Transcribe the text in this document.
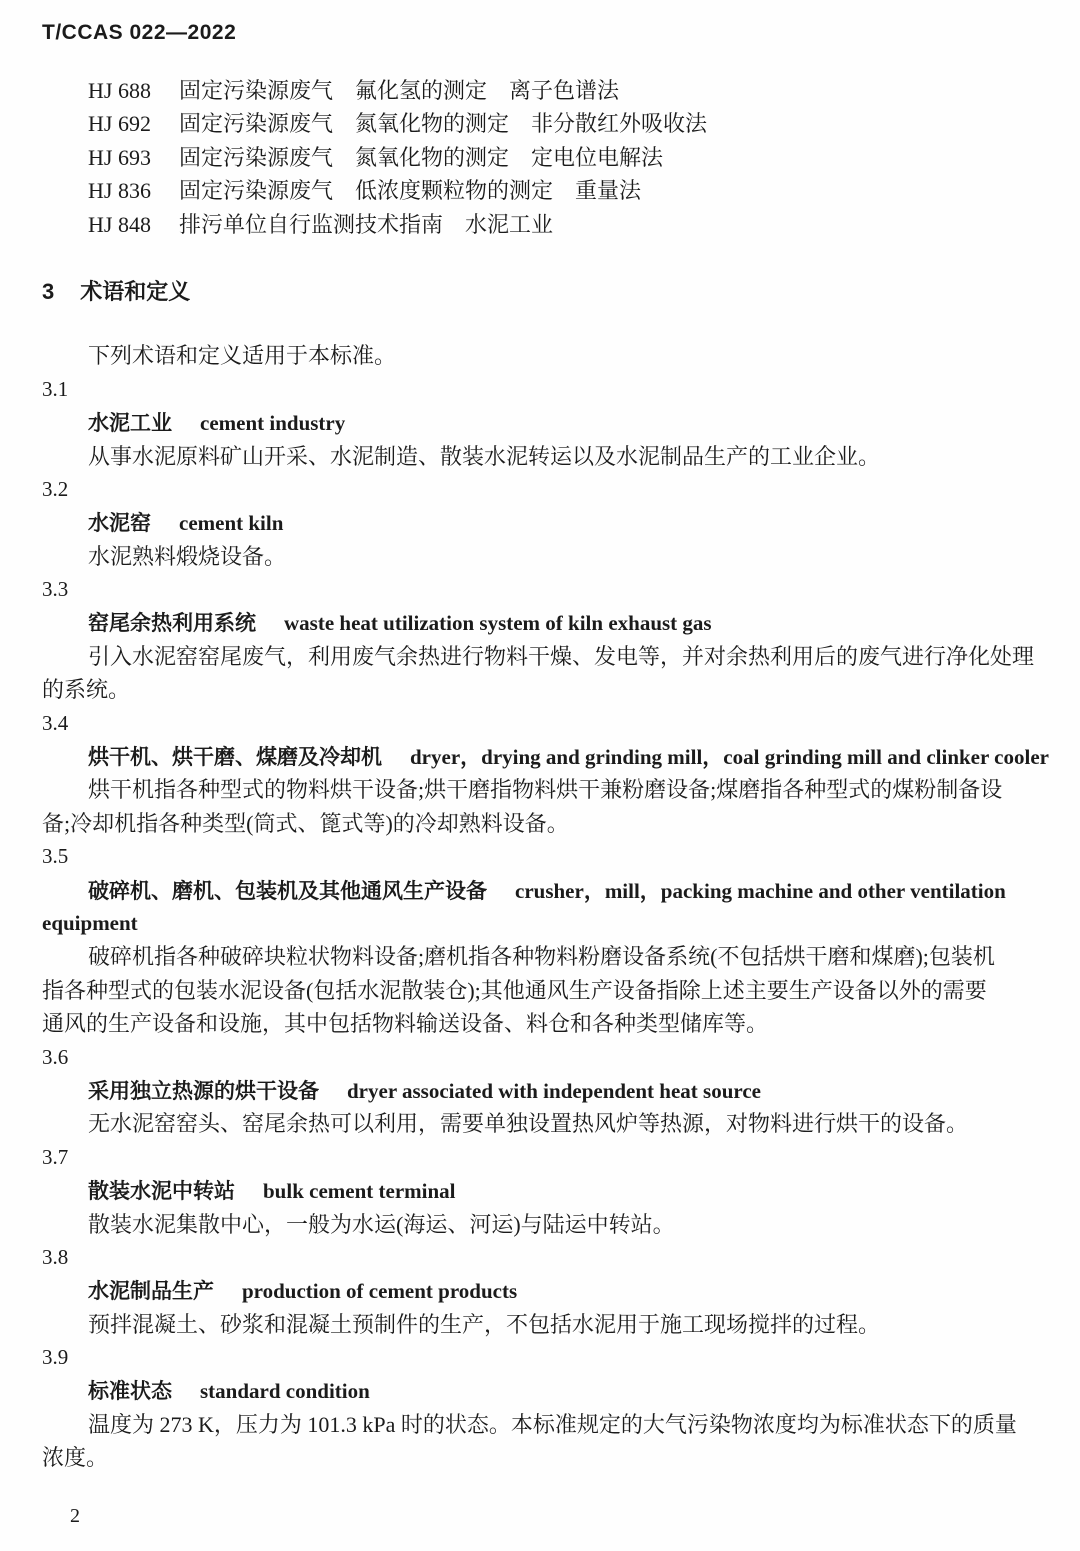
T/CCAS 022—2022
HJ 688 固定污染源废气　氟化氢的测定　离子色谱法
HJ 692 固定污染源废气　氮氧化物的测定　非分散红外吸收法
HJ 693 固定污染源废气　氮氧化物的测定　定电位电解法
HJ 836 固定污染源废气　低浓度颗粒物的测定　重量法
HJ 848 排污单位自行监测技术指南　水泥工业
3 术语和定义
下列术语和定义适用于本标准。
3.1
水泥工业 cement industry
从事水泥原料矿山开采、水泥制造、散装水泥转运以及水泥制品生产的工业企业。
3.2
水泥窑 cement kiln
水泥熟料煅烧设备。
3.3
窑尾余热利用系统 waste heat utilization system of kiln exhaust gas
引入水泥窑窑尾废气，利用废气余热进行物料干燥、发电等，并对余热利用后的废气进行净化处理
的系统。
3.4
烘干机、烘干磨、煤磨及冷却机 dryer，drying and grinding mill，coal grinding mill and clinker cooler
烘干机指各种型式的物料烘干设备;烘干磨指物料烘干兼粉磨设备;煤磨指各种型式的煤粉制备设
备;冷却机指各种类型(筒式、篦式等)的冷却熟料设备。
3.5
破碎机、磨机、包装机及其他通风生产设备 crusher，mill，packing machine and other ventilation
equipment
破碎机指各种破碎块粒状物料设备;磨机指各种物料粉磨设备系统(不包括烘干磨和煤磨);包装机
指各种型式的包装水泥设备(包括水泥散装仓);其他通风生产设备指除上述主要生产设备以外的需要
通风的生产设备和设施，其中包括物料输送设备、料仓和各种类型储库等。
3.6
采用独立热源的烘干设备 dryer associated with independent heat source
无水泥窑窑头、窑尾余热可以利用，需要单独设置热风炉等热源，对物料进行烘干的设备。
3.7
散装水泥中转站 bulk cement terminal
散装水泥集散中心，一般为水运(海运、河运)与陆运中转站。
3.8
水泥制品生产 production of cement products
预拌混凝土、砂浆和混凝土预制件的生产，不包括水泥用于施工现场搅拌的过程。
3.9
标准状态 standard condition
温度为 273 K，压力为 101.3 kPa 时的状态。本标准规定的大气污染物浓度均为标准状态下的质量
浓度。
2
